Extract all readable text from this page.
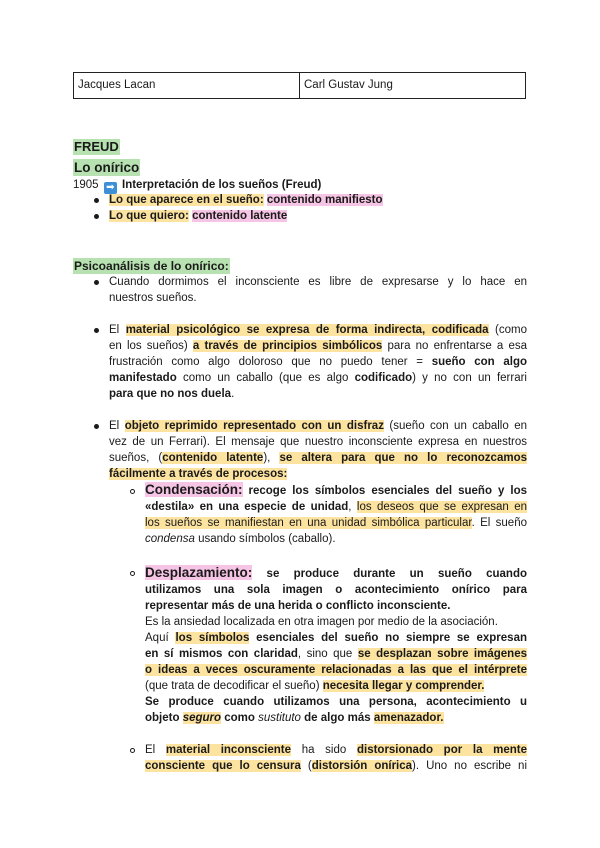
Jacques Lacan	Carl Gustav Jung
FREUD
Lo onírico
1905 ➡ Interpretación de los sueños (Freud)
Lo que aparece en el sueño: contenido manifiesto
Lo que quiero: contenido latente
Psicoanálisis de lo onírico:
Cuando dormimos el inconsciente es libre de expresarse y lo hace en
nuestros sueños.
El material psicológico se expresa de forma indirecta, codificada (como
en los sueños) a través de principios simbólicos para no enfrentarse a esa
frustración como algo doloroso que no puedo tener = sueño con algo
manifestado como un caballo (que es algo codificado) y no con un ferrari
para que no nos duela.
El objeto reprimido representado con un disfraz (sueño con un caballo en
vez de un Ferrari). El mensaje que nuestro inconsciente expresa en nuestros
sueños, (contenido latente), se altera para que no lo reconozcamos
fácilmente a través de procesos:
Condensación: recoge los símbolos esenciales del sueño y los
«destila» en una especie de unidad, los deseos que se expresan en
los sueños se manifiestan en una unidad simbólica particular. El sueño
condensa usando símbolos (caballo).
Desplazamiento: se produce durante un sueño cuando
utilizamos una sola imagen o acontecimiento onírico para
representar más de una herida o conflicto inconsciente.
Es la ansiedad localizada en otra imagen por medio de la asociación.
Aquí los símbolos esenciales del sueño no siempre se expresan
en sí mismos con claridad, sino que se desplazan sobre imágenes
o ideas a veces oscuramente relacionadas a las que el intérprete
(que trata de decodificar el sueño) necesita llegar y comprender.
Se produce cuando utilizamos una persona, acontecimiento u
objeto seguro como sustituto de algo más amenazador.
El material inconsciente ha sido distorsionado por la mente
consciente que lo censura (distorsión onírica). Uno no escribe ni
